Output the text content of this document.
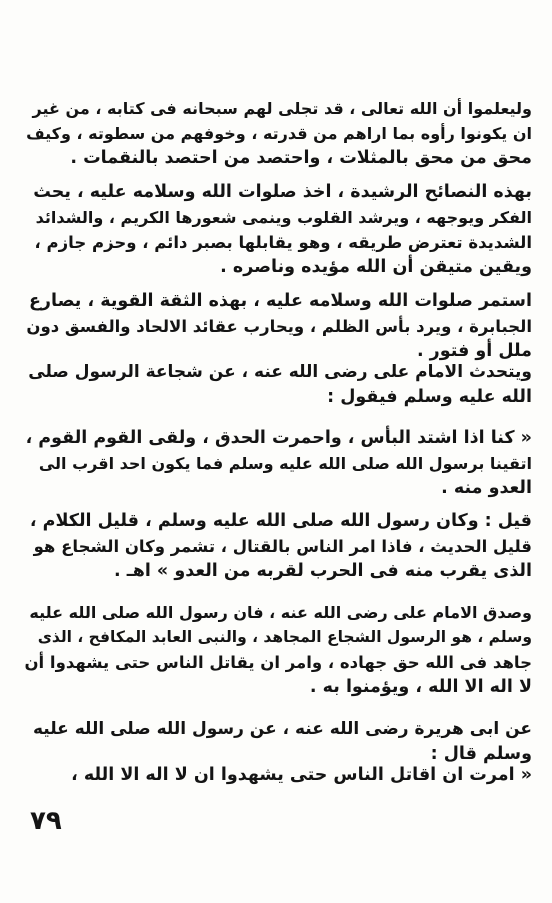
وليعلموا أن الله تعالى ، قد تجلى لهم سبحانه فى كتابه ، من غير
ان يكونوا رأوه بما اراهم من قدرته ، وخوفهم من سطوته ، وكيف
محق من محق بالمثلات ، واحتصد من احتصد بالنقمات .
بهذه النصائح الرشيدة ، اخذ صلوات الله وسلامه عليه ، يحث
الفكر ويوجهه ، ويرشد القلوب وينمى شعورها الكريم ، والشدائد
الشديدة تعترض طريقه ، وهو يقابلها بصبر دائم ، وحزم جازم ،
ويقين متيقن أن الله مؤيده وناصره .
استمر صلوات الله وسلامه عليه ، بهذه الثقة القوية ، يصارع
الجبابرة ، ويرد بأس الظلم ، ويحارب عقائد الالحاد والفسق دون
ملل أو فتور .
ويتحدث الامام على رضى الله عنه ، عن شجاعة الرسول صلى
الله عليه وسلم فيقول :
« كنا اذا اشتد البأس ، واحمرت الحدق ، ولقى القوم القوم ،
اتقينا برسول الله صلى الله عليه وسلم فما يكون احد اقرب الى
العدو منه .
قيل : وكان رسول الله صلى الله عليه وسلم ، قليل الكلام ،
قليل الحديث ، فاذا امر الناس بالقتال ، تشمر وكان الشجاع هو
الذى يقرب منه فى الحرب لقربه من العدو » اهـ .
وصدق الامام على رضى الله عنه ، فان رسول الله صلى الله عليه
وسلم ، هو الرسول الشجاع المجاهد ، والنبى العابد المكافح ، الذى
جاهد فى الله حق جهاده ، وامر ان يقاتل الناس حتى يشهدوا أن
لا اله الا الله ، ويؤمنوا به .
عن ابى هريرة رضى الله عنه ، عن رسول الله صلى الله عليه
وسلم قال :
« امرت ان اقاتل الناس حتى يشهدوا ان لا اله الا الله ،
٧٩
